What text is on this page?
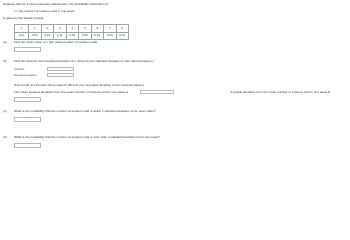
Suppose that for a given computer salesperson, the probability distribution of
x = the number of systems sold in one week
is given by the following table.
x	1	2	3	4	5	6	7	8
p(x)	0.04	0.10	0.11	0.30	0.29	0.12	0.03	0.01
(a) Find the mean value of x (the mean number of systems sold).
(b) Find the variance and standard deviation of x. (Round your standard deviation to four decimal places.)
variance
standard deviation
How would you interpret these values? (Round your standard deviation to four decimal places.)
The mean squared deviation from the mean number of systems sold in one week is	. A typical deviation from the mean number of systems sold in one week is
(c) What is the probability that the number of systems sold is within 1 standard deviation of its mean value?
(d) What is the probability that the number of systems sold is more than 2 standard deviations from the mean?
